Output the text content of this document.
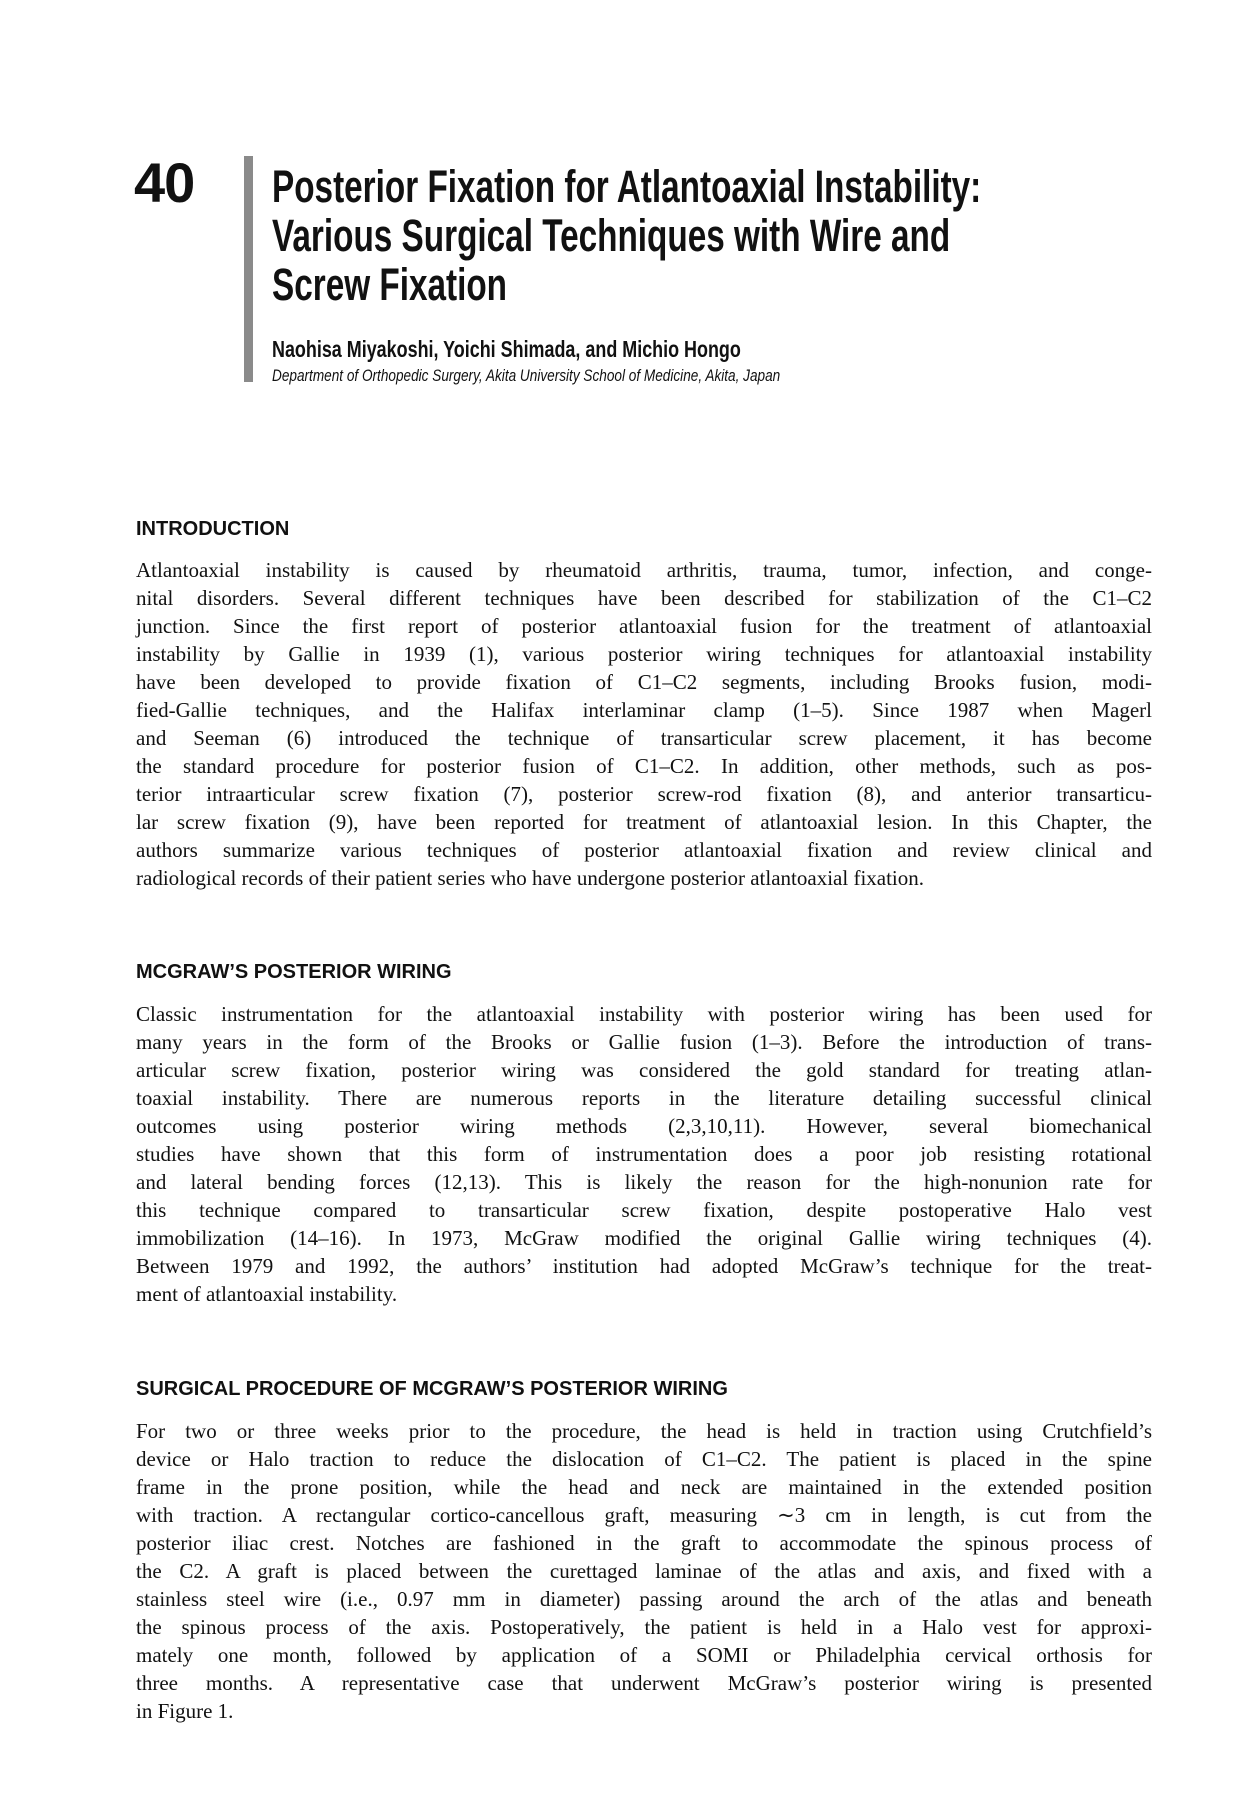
40 Posterior Fixation for Atlantoaxial Instability:
Various Surgical Techniques with Wire and
Screw Fixation
Naohisa Miyakoshi, Yoichi Shimada, and Michio Hongo
Department of Orthopedic Surgery, Akita University School of Medicine, Akita, Japan
INTRODUCTION
Atlantoaxial instability is caused by rheumatoid arthritis, trauma, tumor, infection, and conge-
nital disorders. Several different techniques have been described for stabilization of the C1–C2
junction. Since the first report of posterior atlantoaxial fusion for the treatment of atlantoaxial
instability by Gallie in 1939 (1), various posterior wiring techniques for atlantoaxial instability
have been developed to provide fixation of C1–C2 segments, including Brooks fusion, modi-
fied-Gallie techniques, and the Halifax interlaminar clamp (1–5). Since 1987 when Magerl
and Seeman (6) introduced the technique of transarticular screw placement, it has become
the standard procedure for posterior fusion of C1–C2. In addition, other methods, such as pos-
terior intraarticular screw fixation (7), posterior screw-rod fixation (8), and anterior transarticu-
lar screw fixation (9), have been reported for treatment of atlantoaxial lesion. In this Chapter, the
authors summarize various techniques of posterior atlantoaxial fixation and review clinical and
radiological records of their patient series who have undergone posterior atlantoaxial fixation.
MCGRAW’S POSTERIOR WIRING
Classic instrumentation for the atlantoaxial instability with posterior wiring has been used for
many years in the form of the Brooks or Gallie fusion (1–3). Before the introduction of trans-
articular screw fixation, posterior wiring was considered the gold standard for treating atlan-
toaxial instability. There are numerous reports in the literature detailing successful clinical
outcomes using posterior wiring methods (2,3,10,11). However, several biomechanical
studies have shown that this form of instrumentation does a poor job resisting rotational
and lateral bending forces (12,13). This is likely the reason for the high-nonunion rate for
this technique compared to transarticular screw fixation, despite postoperative Halo vest
immobilization (14–16). In 1973, McGraw modified the original Gallie wiring techniques (4).
Between 1979 and 1992, the authors’ institution had adopted McGraw’s technique for the treat-
ment of atlantoaxial instability.
SURGICAL PROCEDURE OF MCGRAW’S POSTERIOR WIRING
For two or three weeks prior to the procedure, the head is held in traction using Crutchfield’s
device or Halo traction to reduce the dislocation of C1–C2. The patient is placed in the spine
frame in the prone position, while the head and neck are maintained in the extended position
with traction. A rectangular cortico-cancellous graft, measuring ∼3 cm in length, is cut from the
posterior iliac crest. Notches are fashioned in the graft to accommodate the spinous process of
the C2. A graft is placed between the curettaged laminae of the atlas and axis, and fixed with a
stainless steel wire (i.e., 0.97 mm in diameter) passing around the arch of the atlas and beneath
the spinous process of the axis. Postoperatively, the patient is held in a Halo vest for approxi-
mately one month, followed by application of a SOMI or Philadelphia cervical orthosis for
three months. A representative case that underwent McGraw’s posterior wiring is presented
in Figure 1.
